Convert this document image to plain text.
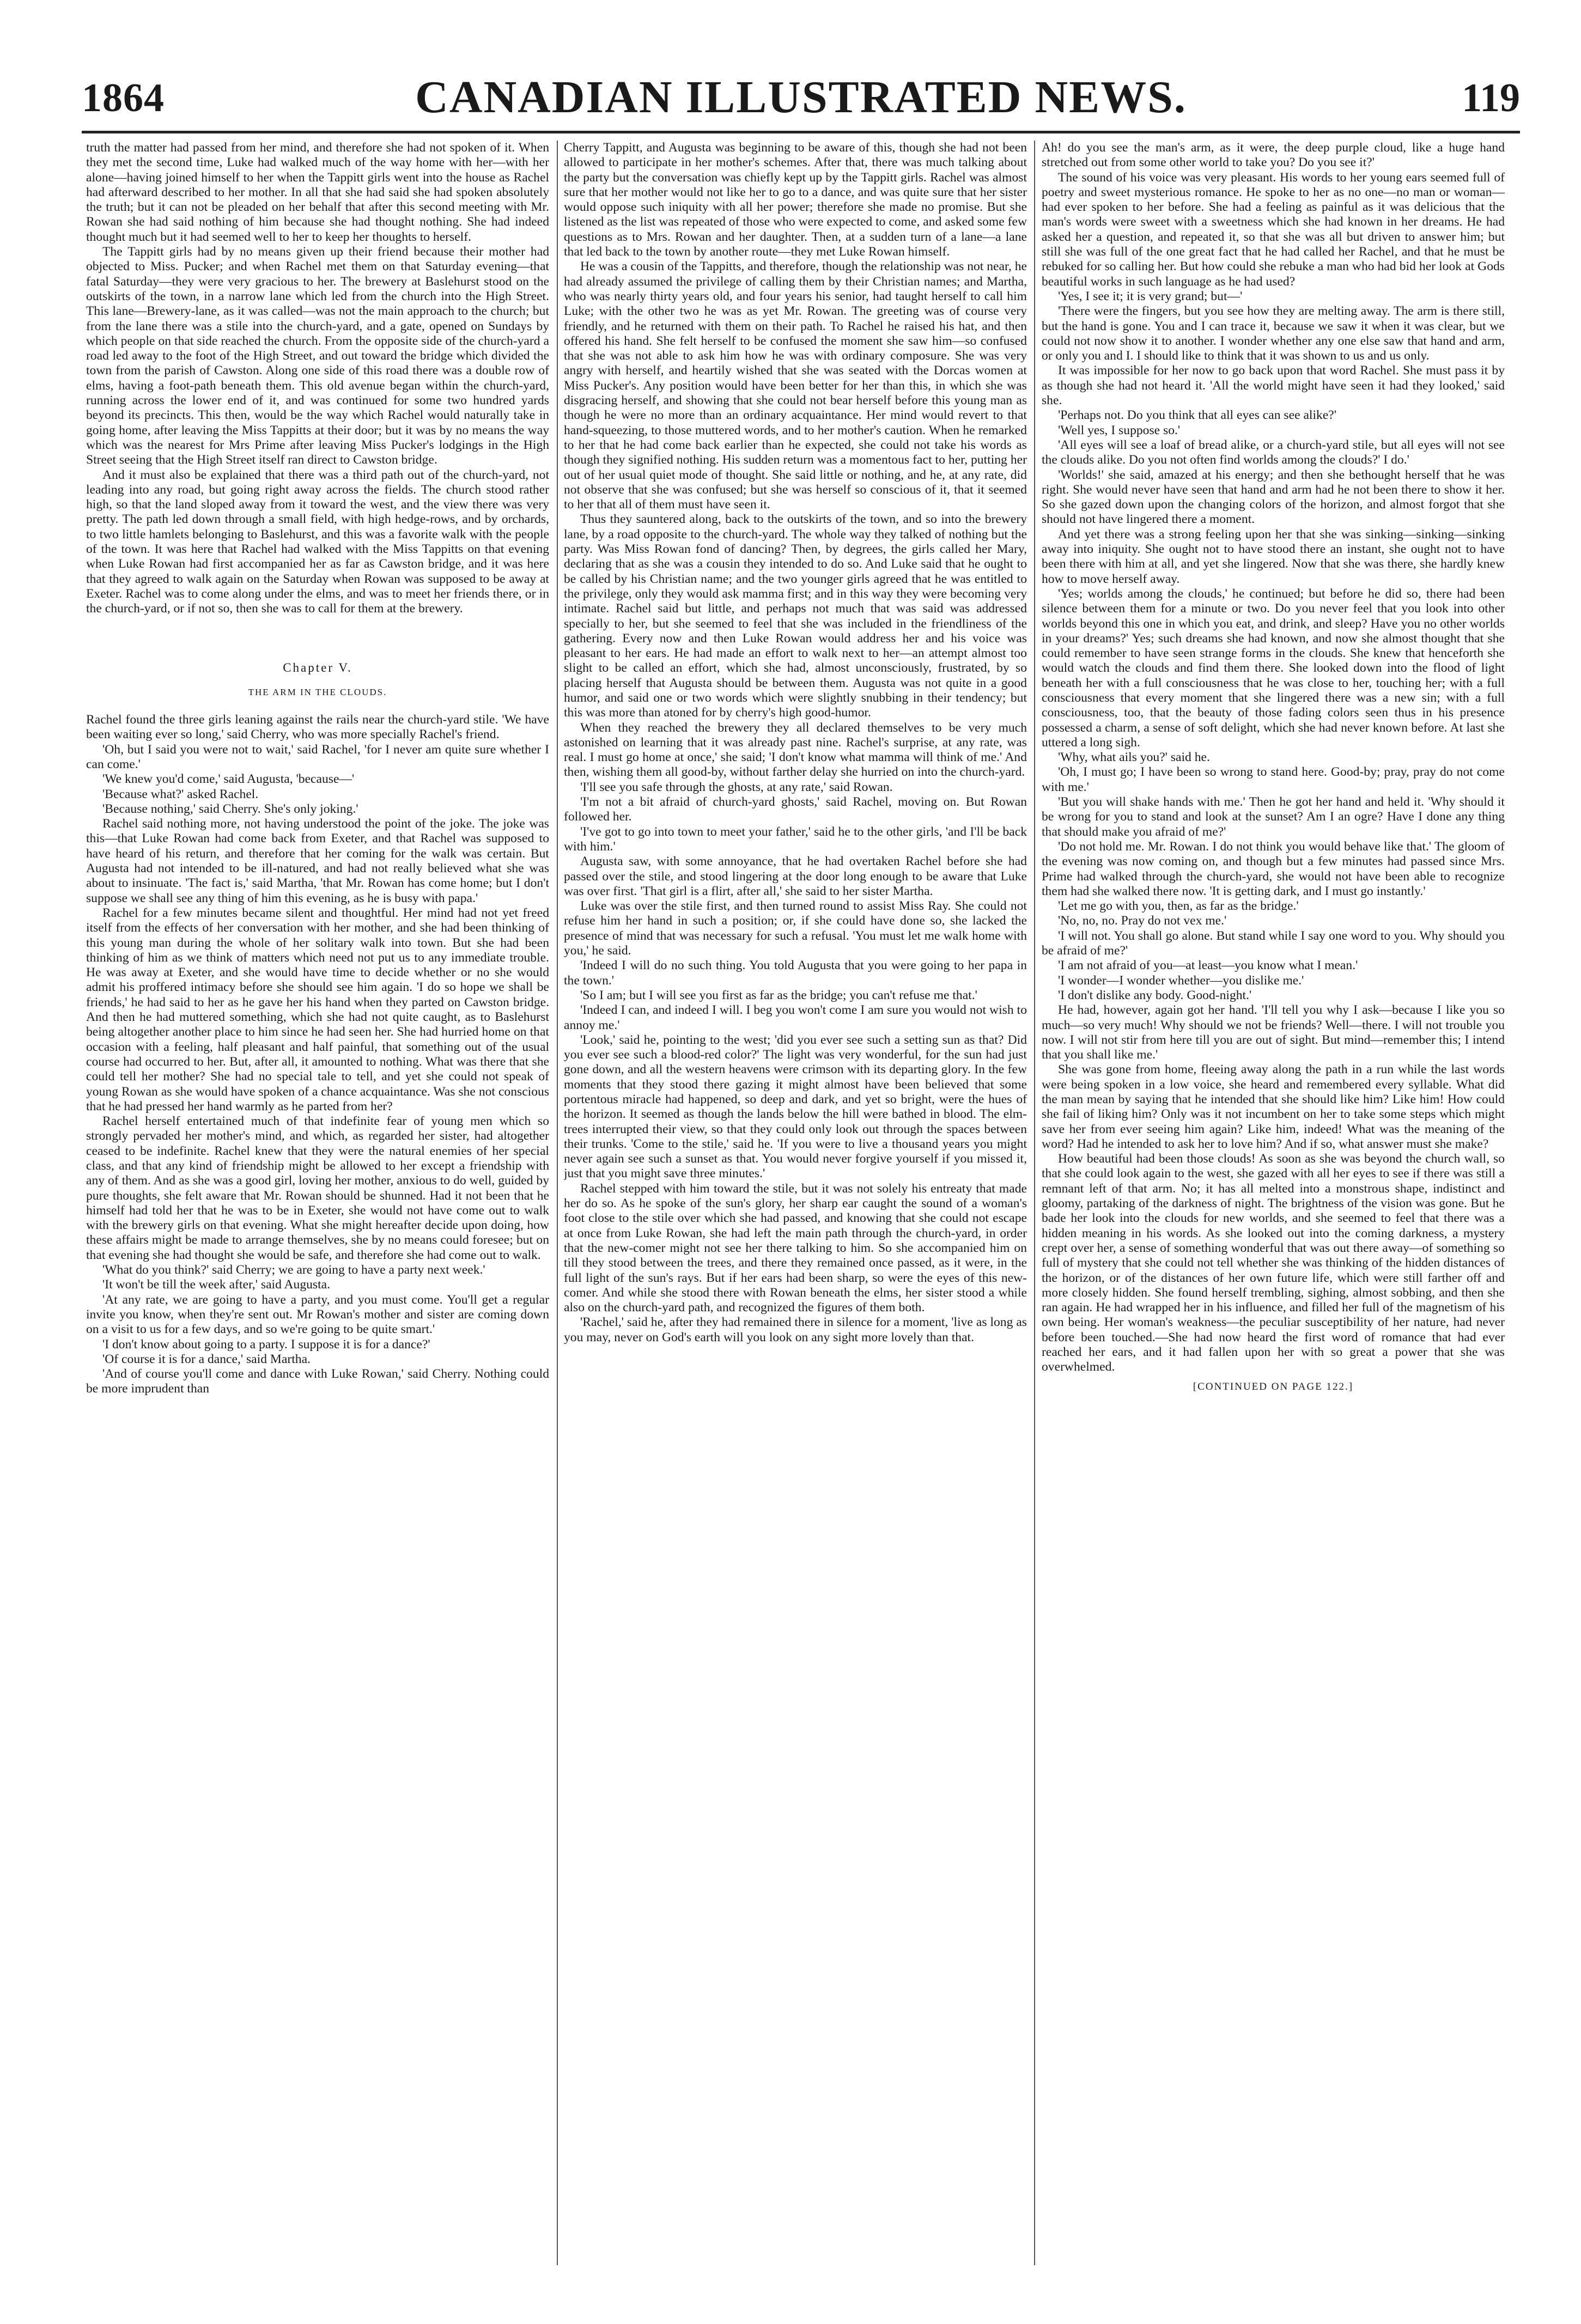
1864	CANADIAN ILLUSTRATED NEWS.	119

truth the matter had passed from her mind, and therefore she had not spoken of it. When they met the second time, Luke had walked much of the way home with her—with her alone—having joined himself to her when the Tappitt girls went into the house as Rachel had afterward described to her mother. In all that she had said she had spoken absolutely the truth; but it can not be pleaded on her behalf that after this second meeting with Mr. Rowan she had said nothing of him because she had thought nothing. She had indeed thought much but it had seemed well to her to keep her thoughts to herself.

The Tappitt girls had by no means given up their friend because their mother had objected to Miss. Pucker; and when Rachel met them on that Saturday evening—that fatal Saturday—they were very gracious to her. The brewery at Baslehurst stood on the outskirts of the town, in a narrow lane which led from the church into the High Street. This lane—Brewery-lane, as it was called—was not the main approach to the church; but from the lane there was a stile into the church-yard, and a gate, opened on Sundays by which people on that side reached the church. From the opposite side of the church-yard a road led away to the foot of the High Street, and out toward the bridge which divided the town from the parish of Cawston. Along one side of this road there was a double row of elms, having a foot-path beneath them. This old avenue began within the church-yard, running across the lower end of it, and was continued for some two hundred yards beyond its precincts. This then, would be the way which Rachel would naturally take in going home, after leaving the Miss Tappitts at their door; but it was by no means the way which was the nearest for Mrs Prime after leaving Miss Pucker's lodgings in the High Street seeing that the High Street itself ran direct to Cawston bridge.

And it must also be explained that there was a third path out of the church-yard, not leading into any road, but going right away across the fields. The church stood rather high, so that the land sloped away from it toward the west, and the view there was very pretty. The path led down through a small field, with high hedge-rows, and by orchards, to two little hamlets belonging to Baslehurst, and this was a favorite walk with the people of the town. It was here that Rachel had walked with the Miss Tappitts on that evening when Luke Rowan had first accompanied her as far as Cawston bridge, and it was here that they agreed to walk again on the Saturday when Rowan was supposed to be away at Exeter. Rachel was to come along under the elms, and was to meet her friends there, or in the church-yard, or if not so, then she was to call for them at the brewery.

Chapter V.
THE ARM IN THE CLOUDS.

Rachel found the three girls leaning against the rails near the church-yard stile. 'We have been waiting ever so long,' said Cherry, who was more specially Rachel's friend.

'Oh, but I said you were not to wait,' said Rachel, 'for I never am quite sure whether I can come.'

'We knew you'd come,' said Augusta, 'because—'

'Because what?' asked Rachel.

'Because nothing,' said Cherry. She's only joking.'

Rachel said nothing more, not having understood the point of the joke. The joke was this—that Luke Rowan had come back from Exeter, and that Rachel was supposed to have heard of his return, and therefore that her coming for the walk was certain. But Augusta had not intended to be ill-natured, and had not really believed what she was about to insinuate. 'The fact is,' said Martha, 'that Mr. Rowan has come home; but I don't suppose we shall see any thing of him this evening, as he is busy with papa.'

Rachel for a few minutes became silent and thoughtful. Her mind had not yet freed itself from the effects of her conversation with her mother, and she had been thinking of this young man during the whole of her solitary walk into town. But she had been thinking of him as we think of matters which need not put us to any immediate trouble. He was away at Exeter, and she would have time to decide whether or no she would admit his proffered intimacy before she should see him again. 'I do so hope we shall be friends,' he had said to her as he gave her his hand when they parted on Cawston bridge. And then he had muttered something, which she had not quite caught, as to Baslehurst being altogether another place to him since he had seen her. She had hurried home on that occasion with a feeling, half pleasant and half painful, that something out of the usual course had occurred to her. But, after all, it amounted to nothing. What was there that she could tell her mother? She had no special tale to tell, and yet she could not speak of young Rowan as she would have spoken of a chance acquaintance. Was she not conscious that he had pressed her hand warmly as he parted from her?

Rachel herself entertained much of that indefinite fear of young men which so strongly pervaded her mother's mind, and which, as regarded her sister, had altogether ceased to be indefinite. Rachel knew that they were the natural enemies of her special class, and that any kind of friendship might be allowed to her except a friendship with any of them. And as she was a good girl, loving her mother, anxious to do well, guided by pure thoughts, she felt aware that Mr. Rowan should be shunned. Had it not been that he himself had told her that he was to be in Exeter, she would not have come out to walk with the brewery girls on that evening. What she might hereafter decide upon doing, how these affairs might be made to arrange themselves, she by no means could foresee; but on that evening she had thought she would be safe, and therefore she had come out to walk.

'What do you think?' said Cherry; we are going to have a party next week.'

'It won't be till the week after,' said Augusta.

'At any rate, we are going to have a party, and you must come. You'll get a regular invite you know, when they're sent out. Mr Rowan's mother and sister are coming down on a visit to us for a few days, and so we're going to be quite smart.'

'I don't know about going to a party. I suppose it is for a dance?'

'Of course it is for a dance,' said Martha.

'And of course you'll come and dance with Luke Rowan,' said Cherry. Nothing could be more imprudent than

Cherry Tappitt, and Augusta was beginning to be aware of this, though she had not been allowed to participate in her mother's schemes. After that, there was much talking about the party but the conversation was chiefly kept up by the Tappitt girls. Rachel was almost sure that her mother would not like her to go to a dance, and was quite sure that her sister would oppose such iniquity with all her power; therefore she made no promise. But she listened as the list was repeated of those who were expected to come, and asked some few questions as to Mrs. Rowan and her daughter. Then, at a sudden turn of a lane—a lane that led back to the town by another route—they met Luke Rowan himself.

He was a cousin of the Tappitts, and therefore, though the relationship was not near, he had already assumed the privilege of calling them by their Christian names; and Martha, who was nearly thirty years old, and four years his senior, had taught herself to call him Luke; with the other two he was as yet Mr. Rowan. The greeting was of course very friendly, and he returned with them on their path. To Rachel he raised his hat, and then offered his hand. She felt herself to be confused the moment she saw him—so confused that she was not able to ask him how he was with ordinary composure. She was very angry with herself, and heartily wished that she was seated with the Dorcas women at Miss Pucker's. Any position would have been better for her than this, in which she was disgracing herself, and showing that she could not bear herself before this young man as though he were no more than an ordinary acquaintance. Her mind would revert to that hand-squeezing, to those muttered words, and to her mother's caution. When he remarked to her that he had come back earlier than he expected, she could not take his words as though they signified nothing. His sudden return was a momentous fact to her, putting her out of her usual quiet mode of thought. She said little or nothing, and he, at any rate, did not observe that she was confused; but she was herself so conscious of it, that it seemed to her that all of them must have seen it.

Thus they sauntered along, back to the outskirts of the town, and so into the brewery lane, by a road opposite to the church-yard. The whole way they talked of nothing but the party. Was Miss Rowan fond of dancing? Then, by degrees, the girls called her Mary, declaring that as she was a cousin they intended to do so. And Luke said that he ought to be called by his Christian name; and the two younger girls agreed that he was entitled to the privilege, only they would ask mamma first; and in this way they were becoming very intimate. Rachel said but little, and perhaps not much that was said was addressed specially to her, but she seemed to feel that she was included in the friendliness of the gathering. Every now and then Luke Rowan would address her and his voice was pleasant to her ears. He had made an effort to walk next to her—an attempt almost too slight to be called an effort, which she had, almost unconsciously, frustrated, by so placing herself that Augusta should be between them. Augusta was not quite in a good humor, and said one or two words which were slightly snubbing in their tendency; but this was more than atoned for by cherry's high good-humor.

When they reached the brewery they all declared themselves to be very much astonished on learning that it was already past nine. Rachel's surprise, at any rate, was real. I must go home at once,' she said; 'I don't know what mamma will think of me.' And then, wishing them all good-by, without farther delay she hurried on into the church-yard.

'I'll see you safe through the ghosts, at any rate,' said Rowan.

'I'm not a bit afraid of church-yard ghosts,' said Rachel, moving on. But Rowan followed her.

'I've got to go into town to meet your father,' said he to the other girls, 'and I'll be back with him.'

Augusta saw, with some annoyance, that he had overtaken Rachel before she had passed over the stile, and stood lingering at the door long enough to be aware that Luke was over first. 'That girl is a flirt, after all,' she said to her sister Martha.

Luke was over the stile first, and then turned round to assist Miss Ray. She could not refuse him her hand in such a position; or, if she could have done so, she lacked the presence of mind that was necessary for such a refusal. 'You must let me walk home with you,' he said.

'Indeed I will do no such thing. You told Augusta that you were going to her papa in the town.'

'So I am; but I will see you first as far as the bridge; you can't refuse me that.'

'Indeed I can, and indeed I will. I beg you won't come I am sure you would not wish to annoy me.'

'Look,' said he, pointing to the west; 'did you ever see such a setting sun as that? Did you ever see such a blood-red color?' The light was very wonderful, for the sun had just gone down, and all the western heavens were crimson with its departing glory. In the few moments that they stood there gazing it might almost have been believed that some portentous miracle had happened, so deep and dark, and yet so bright, were the hues of the horizon. It seemed as though the lands below the hill were bathed in blood. The elm-trees interrupted their view, so that they could only look out through the spaces between their trunks. 'Come to the stile,' said he. 'If you were to live a thousand years you might never again see such a sunset as that. You would never forgive yourself if you missed it, just that you might save three minutes.'

Rachel stepped with him toward the stile, but it was not solely his entreaty that made her do so. As he spoke of the sun's glory, her sharp ear caught the sound of a woman's foot close to the stile over which she had passed, and knowing that she could not escape at once from Luke Rowan, she had left the main path through the church-yard, in order that the new-comer might not see her there talking to him. So she accompanied him on till they stood between the trees, and there they remained once passed, as it were, in the full light of the sun's rays. But if her ears had been sharp, so were the eyes of this new-comer. And while she stood there with Rowan beneath the elms, her sister stood a while also on the church-yard path, and recognized the figures of them both.

'Rachel,' said he, after they had remained there in silence for a moment, 'live as long as you may, never on God's earth will you look on any sight more lovely than that.

Ah! do you see the man's arm, as it were, the deep purple cloud, like a huge hand stretched out from some other world to take you? Do you see it?'

The sound of his voice was very pleasant. His words to her young ears seemed full of poetry and sweet mysterious romance. He spoke to her as no one—no man or woman—had ever spoken to her before. She had a feeling as painful as it was delicious that the man's words were sweet with a sweetness which she had known in her dreams. He had asked her a question, and repeated it, so that she was all but driven to answer him; but still she was full of the one great fact that he had called her Rachel, and that he must be rebuked for so calling her. But how could she rebuke a man who had bid her look at Gods beautiful works in such language as he had used?

'Yes, I see it; it is very grand; but—'

'There were the fingers, but you see how they are melting away. The arm is there still, but the hand is gone. You and I can trace it, because we saw it when it was clear, but we could not now show it to another. I wonder whether any one else saw that hand and arm, or only you and I. I should like to think that it was shown to us and us only.

It was impossible for her now to go back upon that word Rachel. She must pass it by as though she had not heard it. 'All the world might have seen it had they looked,' said she.

'Perhaps not. Do you think that all eyes can see alike?'

'Well yes, I suppose so.'

'All eyes will see a loaf of bread alike, or a church-yard stile, but all eyes will not see the clouds alike. Do you not often find worlds among the clouds?' I do.'

'Worlds!' she said, amazed at his energy; and then she bethought herself that he was right. She would never have seen that hand and arm had he not been there to show it her. So she gazed down upon the changing colors of the horizon, and almost forgot that she should not have lingered there a moment.

And yet there was a strong feeling upon her that she was sinking—sinking—sinking away into iniquity. She ought not to have stood there an instant, she ought not to have been there with him at all, and yet she lingered. Now that she was there, she hardly knew how to move herself away.

'Yes; worlds among the clouds,' he continued; but before he did so, there had been silence between them for a minute or two. Do you never feel that you look into other worlds beyond this one in which you eat, and drink, and sleep? Have you no other worlds in your dreams?' Yes; such dreams she had known, and now she almost thought that she could remember to have seen strange forms in the clouds. She knew that henceforth she would watch the clouds and find them there. She looked down into the flood of light beneath her with a full consciousness that he was close to her, touching her; with a full consciousness that every moment that she lingered there was a new sin; with a full consciousness, too, that the beauty of those fading colors seen thus in his presence possessed a charm, a sense of soft delight, which she had never known before. At last she uttered a long sigh.

'Why, what ails you?' said he.

'Oh, I must go; I have been so wrong to stand here. Good-by; pray, pray do not come with me.'

'But you will shake hands with me.' Then he got her hand and held it. 'Why should it be wrong for you to stand and look at the sunset? Am I an ogre? Have I done any thing that should make you afraid of me?'

'Do not hold me. Mr. Rowan. I do not think you would behave like that.' The gloom of the evening was now coming on, and though but a few minutes had passed since Mrs. Prime had walked through the church-yard, she would not have been able to recognize them had she walked there now. 'It is getting dark, and I must go instantly.'

'Let me go with you, then, as far as the bridge.'

'No, no, no. Pray do not vex me.'

'I will not. You shall go alone. But stand while I say one word to you. Why should you be afraid of me?'

'I am not afraid of you—at least—you know what I mean.'

'I wonder—I wonder whether—you dislike me.'

'I don't dislike any body. Good-night.'

He had, however, again got her hand. 'I'll tell you why I ask—because I like you so much—so very much! Why should we not be friends? Well—there. I will not trouble you now. I will not stir from here till you are out of sight. But mind—remember this; I intend that you shall like me.'

She was gone from home, fleeing away along the path in a run while the last words were being spoken in a low voice, she heard and remembered every syllable. What did the man mean by saying that he intended that she should like him? Like him! How could she fail of liking him? Only was it not incumbent on her to take some steps which might save her from ever seeing him again? Like him, indeed! What was the meaning of the word? Had he intended to ask her to love him? And if so, what answer must she make?

How beautiful had been those clouds! As soon as she was beyond the church wall, so that she could look again to the west, she gazed with all her eyes to see if there was still a remnant left of that arm. No; it has all melted into a monstrous shape, indistinct and gloomy, partaking of the darkness of night. The brightness of the vision was gone. But he bade her look into the clouds for new worlds, and she seemed to feel that there was a hidden meaning in his words. As she looked out into the coming darkness, a mystery crept over her, a sense of something wonderful that was out there away—of something so full of mystery that she could not tell whether she was thinking of the hidden distances of the horizon, or of the distances of her own future life, which were still farther off and more closely hidden. She found herself trembling, sighing, almost sobbing, and then she ran again. He had wrapped her in his influence, and filled her full of the magnetism of his own being. Her woman's weakness—the peculiar susceptibility of her nature, had never before been touched.—She had now heard the first word of romance that had ever reached her ears, and it had fallen upon her with so great a power that she was overwhelmed.

[CONTINUED ON PAGE 122.]
